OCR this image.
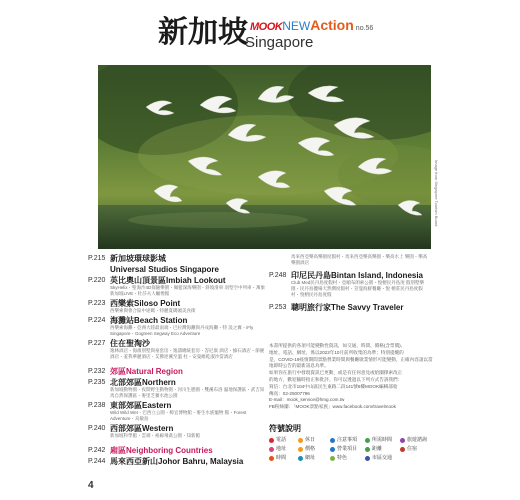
新加坡 MOOKNEWAction no.56
Singapore
Image from Singapore Tourism Board
P.215 新加坡環球影城
Universal Studios Singapore
P.220 英比奧山頂景區Imbiah Lookout
SkyHelix・聖淘沙4D探險樂園・佩藍深海樂園・斜坡滑車 羽型空中列車・萬象新加坡LIVE・杜莎夫人蠟像館
P.223 西樂索Siloso Point
西樂索與會合區中途碼・特麗夏碼頭美食街
P.224 海灘站Beach Station
西樂索海灘・亞洲大陸最南端・巴拉灣海灘與丹戎海灘・特 浪之翼・iFly Singapore・Gogreen Segway Eco Adventure
P.227 住在聖淘沙
逸林酒店・海濱別墅與豪套房・逸濤總統套房・峇尼康 酒店・綠石酒店・節慶酒店・羞我華麗酒店・艾佛逆溪至溫 柱・安曼維乾淑沙當酒店
P.232 郊區Natural Region
P.235 北部郊區Northern
新加坡動物園・夜間野生動物園・河川生態園・雙溪布洛 濕地保護區・武吉知馬自然保護區・麥里芝蓄水池公園
P.238 東部郊區Eastern
Wild Wild Wet・巴西立公園・樟宜博物館・麥生水族寵物 館・Forest Adventure・烏敏島
P.240 西部郊區Western
新加坡科學館・雲端・裕廊飛禽公園・知新館
P.242 廂區Neighboring Countries
P.244 馬來西亞新山Johor Bahru, Malaysia
馬來西亞樂高樂園度假村・馬來西亞樂高樂園・樂高水上 樂園・樂高樂園酒店
P.248 印尼民丹島Bintan Island, Indonesia
Club Med民丹島度假村・亞順布朗索公園・悅榕民丹島度 假別墅樂園・民丹島鹽場天然灣度假村・荳蔻海鮮餐廳・悅 榕莊民丹島度假村・悅榕民丹島度假
P.253 聰明旅行家The Savvy Traveler
本書所提供的各項可能變動性資訊，如交通、時間、價格(含票價)、
地址、電話、網址，係以2022年10月前所收集的為準；特別提醒的
是，COVID-19疫情期間景點營業時間與餐廳歇業情形可能變動，正確內容請以當
地即時公告的最新訊息為準。
如果你在旅行中發現資訊已更動，或是有任何意見或給團擇索改正
的地方，歡迎隨時指正和批評。你可以透過以下列方式告訴我們：
寫信：台北市104中山區民生東路二段141號8樓MOOK編輯部收
傳真：02-25007796
E-mail：mook_service@hmg.com.tw
FB粉絲團：「MOOK景點家族」www.facebook.com/travelmook
符號說明
電話	休日	注意事項	所需時間	旅遊諮詢
地址	價格	營業項目	距離	住宿
時間	網址	特色	市區交通
4
